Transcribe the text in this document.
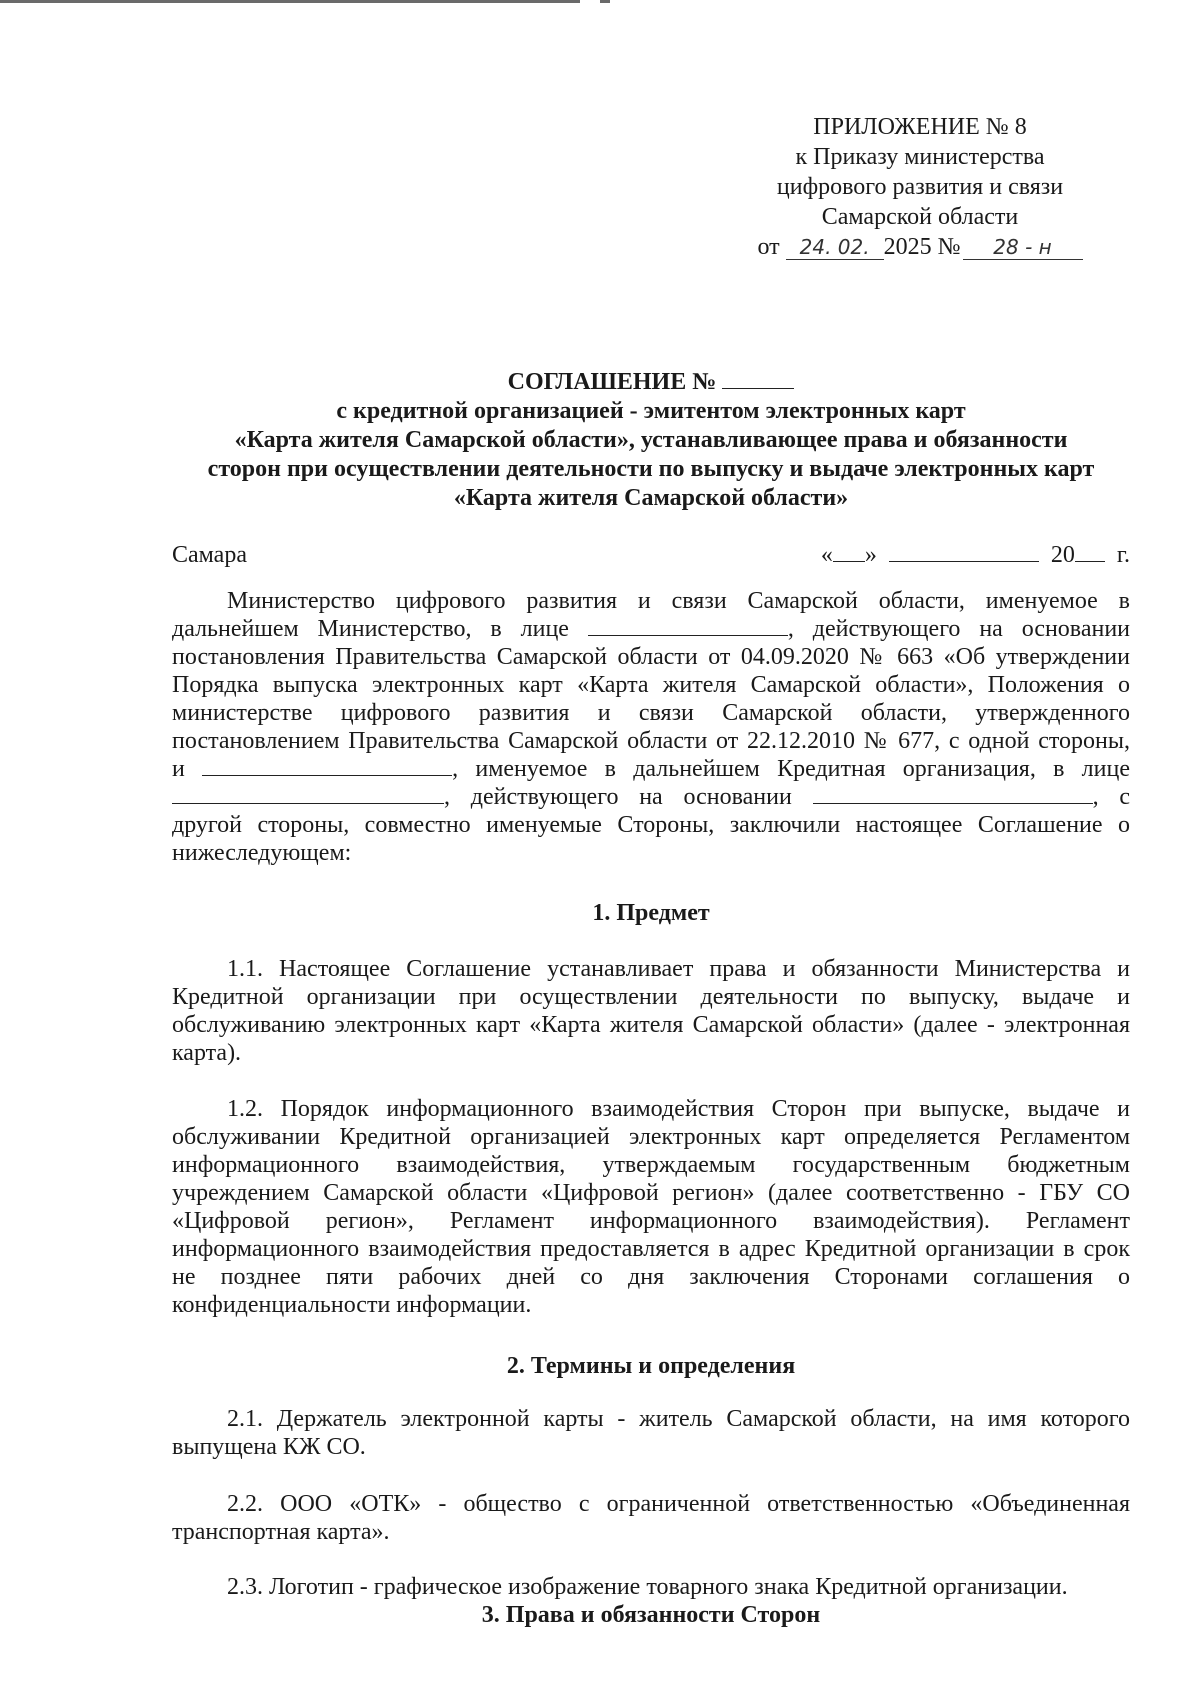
ПРИЛОЖЕНИЕ № 8
к Приказу министерства
цифрового развития и связи
Самарской области
от 24. 02. 2025 № 28 - н
СОГЛАШЕНИЕ №
с кредитной организацией - эмитентом электронных карт
«Карта жителя Самарской области», устанавливающее права и обязанности
сторон при осуществлении деятельности по выпуску и выдаче электронных карт
«Карта жителя Самарской области»
Самара	« »	20 г.
Министерство цифрового развития и связи Самарской области, именуемое в
дальнейшем Министерство, в лице	, действующего на основании
постановления Правительства Самарской области от 04.09.2020 № 663 «Об утверждении
Порядка выпуска электронных карт «Карта жителя Самарской области», Положения о
министерстве цифрового развития и связи Самарской области, утвержденного
постановлением Правительства Самарской области от 22.12.2010 № 677, с одной стороны,
и	, именуемое в дальнейшем Кредитная организация, в лице
, действующего на основании	, с
другой стороны, совместно именуемые Стороны, заключили настоящее Соглашение о
нижеследующем:
1. Предмет
1.1. Настоящее Соглашение устанавливает права и обязанности Министерства и
Кредитной организации при осуществлении деятельности по выпуску, выдаче и
обслуживанию электронных карт «Карта жителя Самарской области» (далее - электронная
карта).
1.2. Порядок информационного взаимодействия Сторон при выпуске, выдаче и
обслуживании Кредитной организацией электронных карт определяется Регламентом
информационного взаимодействия, утверждаемым государственным бюджетным
учреждением Самарской области «Цифровой регион» (далее соответственно - ГБУ СО
«Цифровой регион», Регламент информационного взаимодействия). Регламент
информационного взаимодействия предоставляется в адрес Кредитной организации в срок
не позднее пяти рабочих дней со дня заключения Сторонами соглашения о
конфиденциальности информации.
2. Термины и определения
2.1. Держатель электронной карты - житель Самарской области, на имя которого
выпущена КЖ СО.
2.2. ООО «ОТК» - общество с ограниченной ответственностью «Объединенная
транспортная карта».
2.3. Логотип - графическое изображение товарного знака Кредитной организации.
3. Права и обязанности Сторон
